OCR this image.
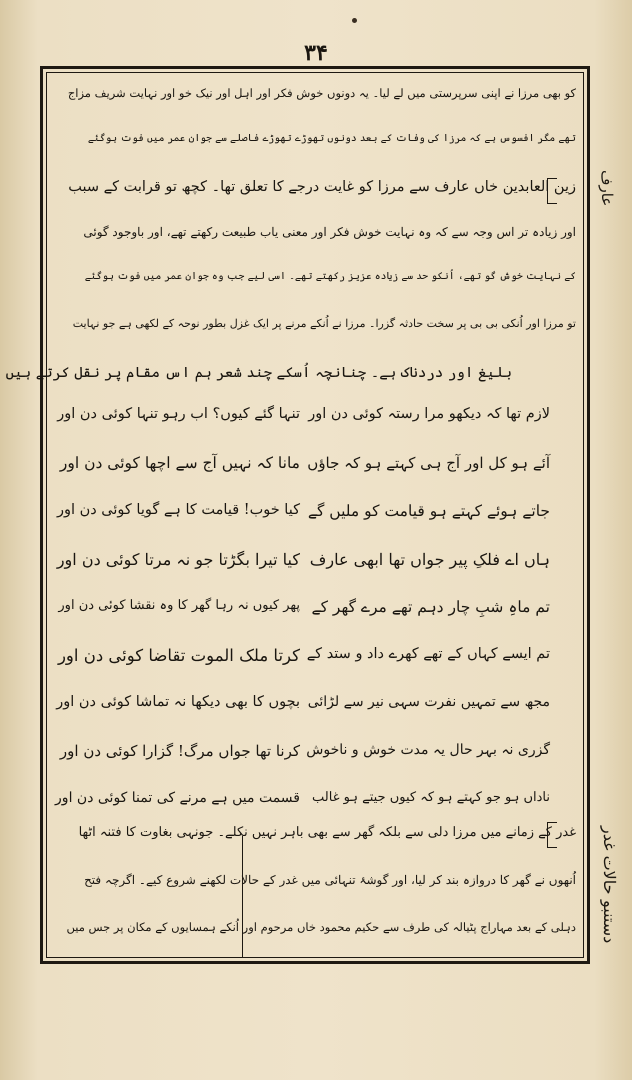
۳۴
کو بھی مرزا نے اپنی سرپرستی میں لے لیا۔ یہ دونوں خوش فکر اور اہل اور نیک خو اور نہایت شریف مزاج
تھے مگر افسوس ہے کہ مرزا کی وفات کے بعد دونوں تھوڑے تھوڑے فاصلے سے جوان عمر میں فوت ہوگئے
زین العابدین خاں عارف سے مرزا کو غایت درجے کا تعلق تھا۔ کچھ تو قرابت کے سبب
اور زیادہ تر اس وجہ سے کہ وہ نہایت خوش فکر اور معنی یاب طبیعت رکھتے تھے، اور باوجود گوئی
کے نہایت خوش گو تھے، اُنکو حد سے زیادہ عزیز رکھتے تھے۔ اسی لیے جب وہ جوان عمر میں فوت ہوگئے
تو مرزا اور اُنکی بی بی پر سخت حادثہ گزرا۔ مرزا نے اُنکے مرنے پر ایک غزل بطور نوحہ کے لکھی ہے جو نہایت
بلیغ اور دردناک ہے۔ چنانچہ اُسکے چند شعر ہم اس مقام پر نقل کرتے ہیں
لازم تھا کہ دیکھو مرا رستہ کوئی دن اور
تنہا گئے کیوں؟ اب رہو تنہا کوئی دن اور
آئے ہو کل اور آج ہی کہتے ہو کہ جاؤں
مانا کہ نہیں آج سے اچھا کوئی دن اور
جاتے ہوئے کہتے ہو قیامت کو ملیں گے
کیا خوب! قیامت کا ہے گویا کوئی دن اور
ہاں اے فلکِ پیر جواں تھا ابھی عارف
کیا تیرا بگڑتا جو نہ مرتا کوئی دن اور
تم ماہِ شبِ چار دہم تھے مرے گھر کے
پھر کیوں نہ رہا گھر کا وہ نقشا کوئی دن اور
تم ایسے کہاں کے تھے کھرے داد و ستد کے
کرتا ملک الموت تقاضا کوئی دن اور
مجھ سے تمہیں نفرت سہی نیر سے لڑائی
بچوں کا بھی دیکھا نہ تماشا کوئی دن اور
گزری نہ بہر حال یہ مدت خوش و ناخوش
کرنا تھا جواں مرگ! گزارا کوئی دن اور
ناداں ہو جو کہتے ہو کہ کیوں جیتے ہو غالب
قسمت میں ہے مرنے کی تمنا کوئی دن اور
غدر کے زمانے میں مرزا دلی سے بلکہ گھر سے بھی باہر نہیں نکلے۔ جونہی بغاوت کا فتنہ اٹھا
اُنھوں نے گھر کا دروازہ بند کر لیا، اور گوشۂ تنہائی میں غدر کے حالات لکھنے شروع کیے۔ اگرچہ فتح
دہلی کے بعد مہاراج پٹیالہ کی طرف سے حکیم محمود خاں مرحوم اور اُنکے ہمسایوں کے مکان پر جس میں
عارف
حالات غدر
دستنبو
